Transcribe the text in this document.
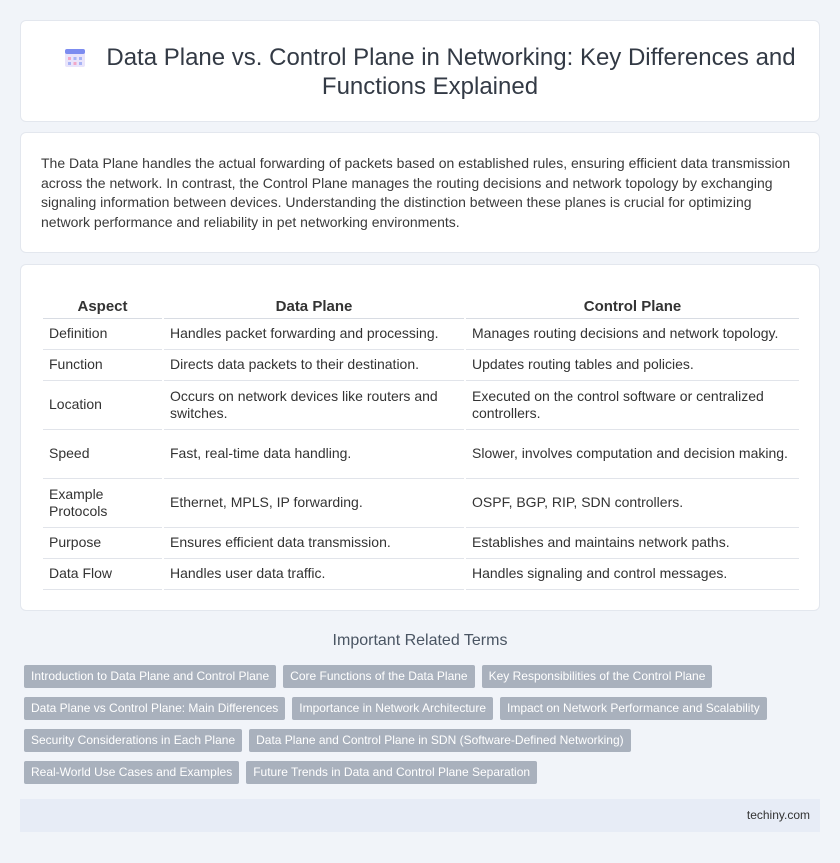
Data Plane vs. Control Plane in Networking: Key Differences and Functions Explained

The Data Plane handles the actual forwarding of packets based on established rules, ensuring efficient data transmission across the network. In contrast, the Control Plane manages the routing decisions and network topology by exchanging signaling information between devices. Understanding the distinction between these planes is crucial for optimizing network performance and reliability in pet networking environments.

Aspect	Data Plane	Control Plane
Definition	Handles packet forwarding and processing.	Manages routing decisions and network topology.
Function	Directs data packets to their destination.	Updates routing tables and policies.
Location	Occurs on network devices like routers and switches.	Executed on the control software or centralized controllers.
Speed	Fast, real-time data handling.	Slower, involves computation and decision making.
Example Protocols	Ethernet, MPLS, IP forwarding.	OSPF, BGP, RIP, SDN controllers.
Purpose	Ensures efficient data transmission.	Establishes and maintains network paths.
Data Flow	Handles user data traffic.	Handles signaling and control messages.
Important Related Terms
Introduction to Data Plane and Control Plane Core Functions of the Data Plane Key Responsibilities of the Control Plane
Data Plane vs Control Plane: Main Differences Importance in Network Architecture Impact on Network Performance and Scalability
Security Considerations in Each Plane Data Plane and Control Plane in SDN (Software-Defined Networking)
Real-World Use Cases and Examples Future Trends in Data and Control Plane Separation
techiny.com
